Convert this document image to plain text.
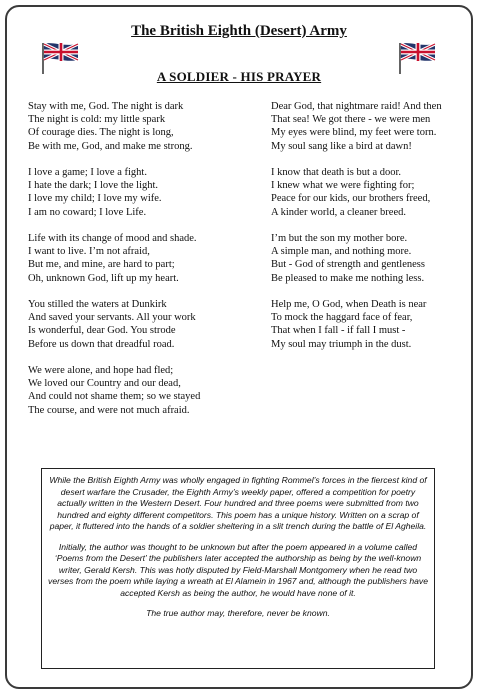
The British Eighth (Desert) Army
A SOLDIER - HIS PRAYER
Stay with me, God. The night is dark
The night is cold: my little spark
Of courage dies. The night is long,
Be with me, God, and make me strong.
I love a game; I love a fight.
I hate the dark; I love the light.
I love my child; I love my wife.
I am no coward; I love Life.
Life with its change of mood and shade.
I want to live. I’m not afraid,
But me, and mine, are hard to part;
Oh, unknown God, lift up my heart.
You stilled the waters at Dunkirk
And saved your servants. All your work
Is wonderful, dear God. You strode
Before us down that dreadful road.
We were alone, and hope had fled;
We loved our Country and our dead,
And could not shame them; so we stayed
The course, and were not much afraid.
Dear God, that nightmare raid! And then
That sea! We got there - we were men
My eyes were blind, my feet were torn.
My soul sang like a bird at dawn!
I know that death is but a door.
I knew what we were fighting for;
Peace for our kids, our brothers freed,
A kinder world, a cleaner breed.
I’m but the son my mother bore.
A simple man, and nothing more.
But - God of strength and gentleness
Be pleased to make me nothing less.
Help me, O God, when Death is near
To mock the haggard face of fear,
That when I fall - if fall I must -
My soul may triumph in the dust.

While the British Eighth Army was wholly engaged in fighting Rommel’s forces in the fiercest kind of desert warfare the Crusader, the Eighth Army’s weekly paper, offered a competition for poetry actually written in the Western Desert. Four hundred and three poems were submitted from two hundred and eighty different competitors. This poem has a unique history. Written on a scrap of paper, it fluttered into the hands of a soldier sheltering in a slit trench during the battle of El Agheila.

Initially, the author was thought to be unknown but after the poem appeared in a volume called ‘Poems from the Desert’ the publishers later accepted the authorship as being by the well-known writer, Gerald Kersh. This was hotly disputed by Field-Marshall Montgomery when he read two verses from the poem while laying a wreath at El Alamein in 1967 and, although the publishers have accepted Kersh as being the author, he would have none of it.

The true author may, therefore, never be known.
